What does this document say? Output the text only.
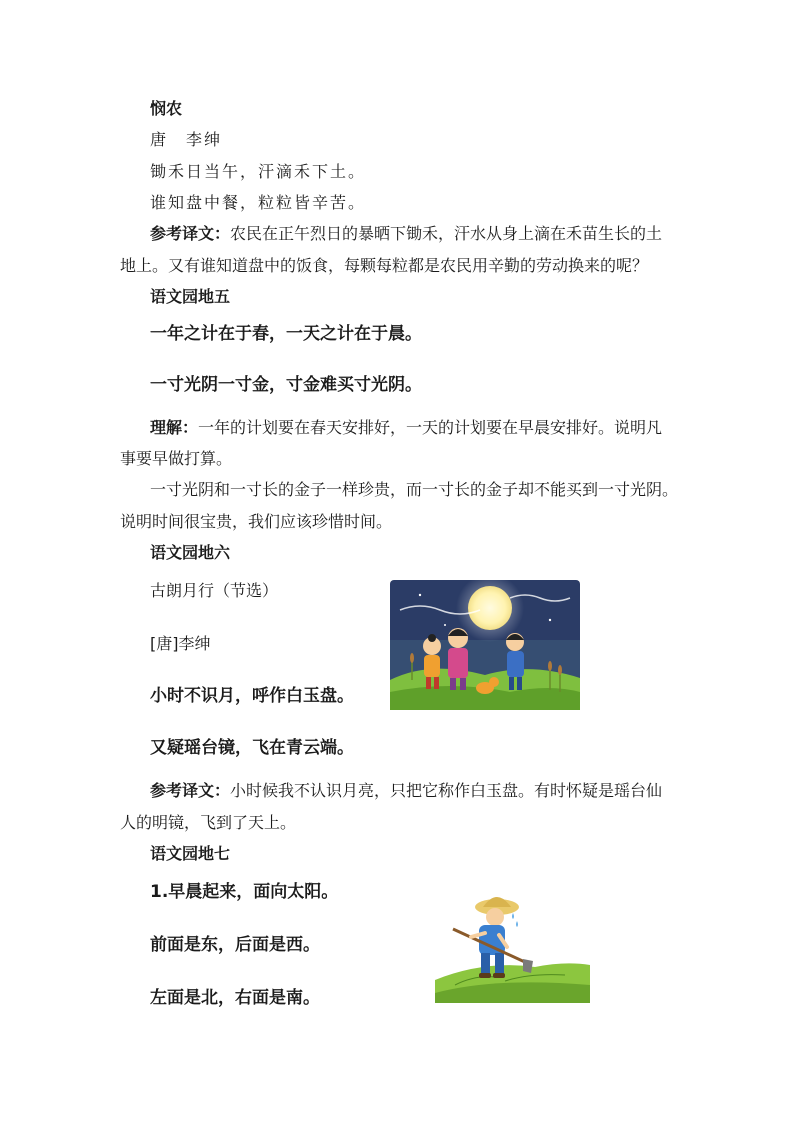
悯农
唐　李绅
锄禾日当午，汗滴禾下土。
谁知盘中餐，粒粒皆辛苦。
参考译文：农民在正午烈日的暴晒下锄禾，汗水从身上滴在禾苗生长的土
地上。又有谁知道盘中的饭食，每颗每粒都是农民用辛勤的劳动换来的呢？
语文园地五
一年之计在于春，一天之计在于晨。
一寸光阴一寸金，寸金难买寸光阴。
理解：一年的计划要在春天安排好，一天的计划要在早晨安排好。说明凡
事要早做打算。
一寸光阴和一寸长的金子一样珍贵，而一寸长的金子却不能买到一寸光阴。
说明时间很宝贵，我们应该珍惜时间。
语文园地六
古朗月行（节选）
[唐]李绅
小时不识月，呼作白玉盘。
又疑瑶台镜，飞在青云端。
参考译文：小时候我不认识月亮，只把它称作白玉盘。有时怀疑是瑶台仙
人的明镜，飞到了天上。
语文园地七
1.早晨起来，面向太阳。
前面是东，后面是西。
左面是北，右面是南。
